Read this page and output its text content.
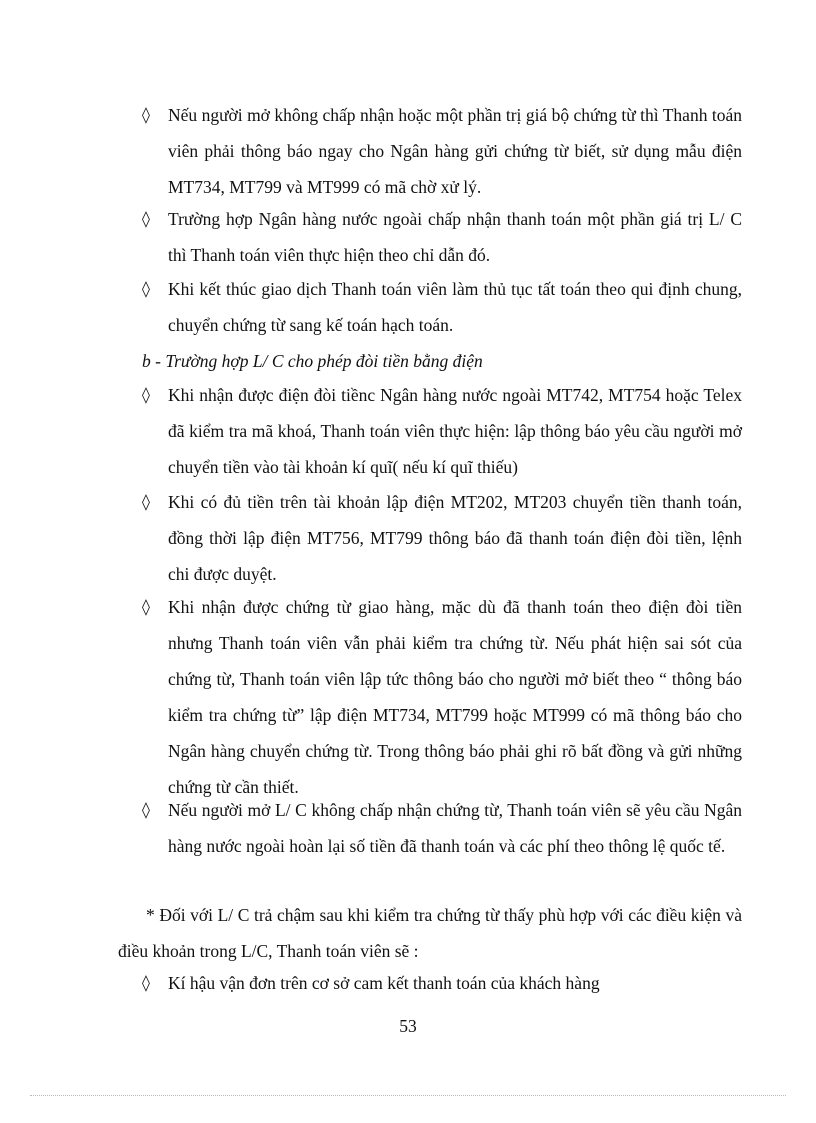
◊ Nếu người mở không chấp nhận hoặc một phần trị giá bộ chứng từ thì Thanh toán viên phải thông báo ngay cho Ngân hàng gửi chứng từ biết, sử dụng mẫu điện MT734, MT799 và MT999 có mã chờ xử lý.
◊ Trường hợp Ngân hàng nước ngoài chấp nhận thanh toán một phần giá trị L/ C thì Thanh toán viên thực hiện theo chỉ dẫn đó.
◊ Khi kết thúc giao dịch Thanh toán viên làm thủ tục tất toán theo qui định chung, chuyển chứng từ sang kế toán hạch toán.
b - Trường hợp L/ C cho phép đòi tiền bằng điện
◊ Khi nhận được điện đòi tiềnc Ngân hàng nước ngoài MT742, MT754 hoặc Telex đã kiểm tra mã khoá, Thanh toán viên thực hiện: lập thông báo yêu cầu người mở chuyển tiền vào tài khoản kí quĩ( nếu kí quĩ thiếu)
◊ Khi có đủ tiền trên tài khoản lập điện MT202, MT203 chuyển tiền thanh toán, đồng thời lập điện MT756, MT799 thông báo đã thanh toán điện đòi tiền, lệnh chi được duyệt.
◊ Khi nhận được chứng từ giao hàng, mặc dù đã thanh toán theo điện đòi tiền nhưng Thanh toán viên vẫn phải kiểm tra chứng từ. Nếu phát hiện sai sót của chứng từ, Thanh toán viên lập tức thông báo cho người mở biết theo “ thông báo kiểm tra chứng từ” lập điện MT734, MT799 hoặc MT999 có mã thông báo cho Ngân hàng chuyển chứng từ. Trong thông báo phải ghi rõ bất đồng và gửi những chứng từ cần thiết.
◊ Nếu người mở L/ C không chấp nhận chứng từ, Thanh toán viên sẽ yêu cầu Ngân hàng nước ngoài hoàn lại số tiền đã thanh toán và các phí theo thông lệ quốc tế.
* Đối với L/ C trả chậm sau khi kiểm tra chứng từ thấy phù hợp với các điều kiện và điều khoản trong L/C, Thanh toán viên sẽ :
◊ Kí hậu vận đơn trên cơ sở cam kết thanh toán của khách hàng
53
